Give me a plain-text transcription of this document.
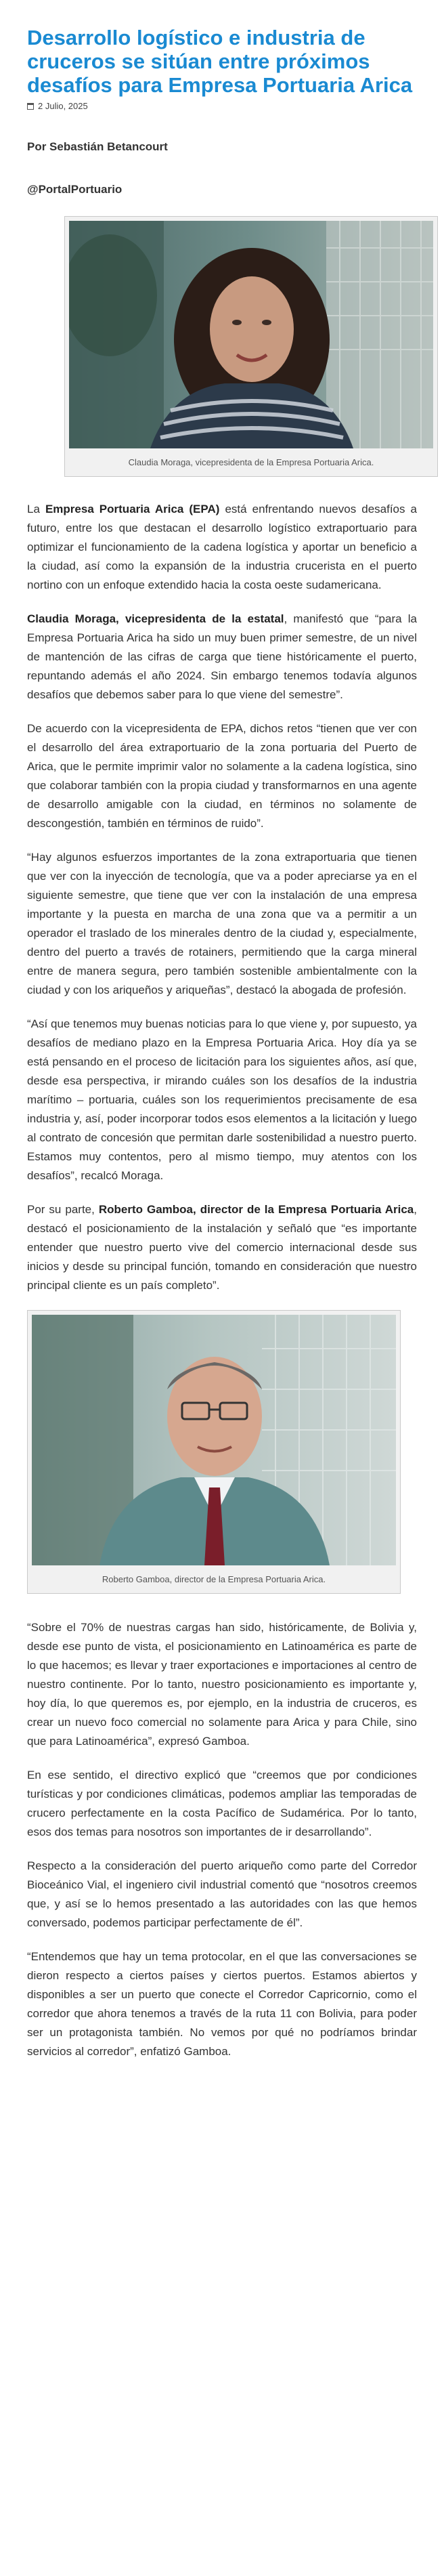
Desarrollo logístico e industria de cruceros se sitúan entre próximos desafíos para Empresa Portuaria Arica
2 Julio, 2025
Por Sebastián Betancourt
@PortalPortuario
Claudia Moraga, vicepresidenta de la Empresa Portuaria Arica.

La Empresa Portuaria Arica (EPA) está enfrentando nuevos desafíos a futuro, entre los que destacan el desarrollo logístico extraportuario para optimizar el funcionamiento de la cadena logística y aportar un beneficio a la ciudad, así como la expansión de la industria crucerista en el puerto nortino con un enfoque extendido hacia la costa oeste sudamericana.

Claudia Moraga, vicepresidenta de la estatal, manifestó que “para la Empresa Portuaria Arica ha sido un muy buen primer semestre, de un nivel de mantención de las cifras de carga que tiene históricamente el puerto, repuntando además el año 2024. Sin embargo tenemos todavía algunos desafíos que debemos saber para lo que viene del semestre”.

De acuerdo con la vicepresidenta de EPA, dichos retos “tienen que ver con el desarrollo del área extraportuario de la zona portuaria del Puerto de Arica, que le permite imprimir valor no solamente a la cadena logística, sino que colaborar también con la propia ciudad y transformarnos en una agente de desarrollo amigable con la ciudad, en términos no solamente de descongestión, también en términos de ruido”.

“Hay algunos esfuerzos importantes de la zona extraportuaria que tienen que ver con la inyección de tecnología, que va a poder apreciarse ya en el siguiente semestre, que tiene que ver con la instalación de una empresa importante y la puesta en marcha de una zona que va a permitir a un operador el traslado de los minerales dentro de la ciudad y, especialmente, dentro del puerto a través de rotainers, permitiendo que la carga mineral entre de manera segura, pero también sostenible ambientalmente con la ciudad y con los ariqueños y ariqueñas”, destacó la abogada de profesión.

“Así que tenemos muy buenas noticias para lo que viene y, por supuesto, ya desafíos de mediano plazo en la Empresa Portuaria Arica. Hoy día ya se está pensando en el proceso de licitación para los siguientes años, así que, desde esa perspectiva, ir mirando cuáles son los desafíos de la industria marítimo – portuaria, cuáles son los requerimientos precisamente de esa industria y, así, poder incorporar todos esos elementos a la licitación y luego al contrato de concesión que permitan darle sostenibilidad a nuestro puerto. Estamos muy contentos, pero al mismo tiempo, muy atentos con los desafíos”, recalcó Moraga.

Por su parte, Roberto Gamboa, director de la Empresa Portuaria Arica, destacó el posicionamiento de la instalación y señaló que “es importante entender que nuestro puerto vive del comercio internacional desde sus inicios y desde su principal función, tomando en consideración que nuestro principal cliente es un país completo”.

Roberto Gamboa, director de la Empresa Portuaria Arica.

“Sobre el 70% de nuestras cargas han sido, históricamente, de Bolivia y, desde ese punto de vista, el posicionamiento en Latinoamérica es parte de lo que hacemos; es llevar y traer exportaciones e importaciones al centro de nuestro continente. Por lo tanto, nuestro posicionamiento es importante y, hoy día, lo que queremos es, por ejemplo, en la industria de cruceros, es crear un nuevo foco comercial no solamente para Arica y para Chile, sino que para Latinoamérica”, expresó Gamboa.

En ese sentido, el directivo explicó que “creemos que por condiciones turísticas y por condiciones climáticas, podemos ampliar las temporadas de crucero perfectamente en la costa Pacífico de Sudamérica. Por lo tanto, esos dos temas para nosotros son importantes de ir desarrollando”.

Respecto a la consideración del puerto ariqueño como parte del Corredor Bioceánico Vial, el ingeniero civil industrial comentó que “nosotros creemos que, y así se lo hemos presentado a las autoridades con las que hemos conversado, podemos participar perfectamente de él”.

“Entendemos que hay un tema protocolar, en el que las conversaciones se dieron respecto a ciertos países y ciertos puertos. Estamos abiertos y disponibles a ser un puerto que conecte el Corredor Capricornio, como el corredor que ahora tenemos a través de la ruta 11 con Bolivia, para poder ser un protagonista también. No vemos por qué no podríamos brindar servicios al corredor”, enfatizó Gamboa.
